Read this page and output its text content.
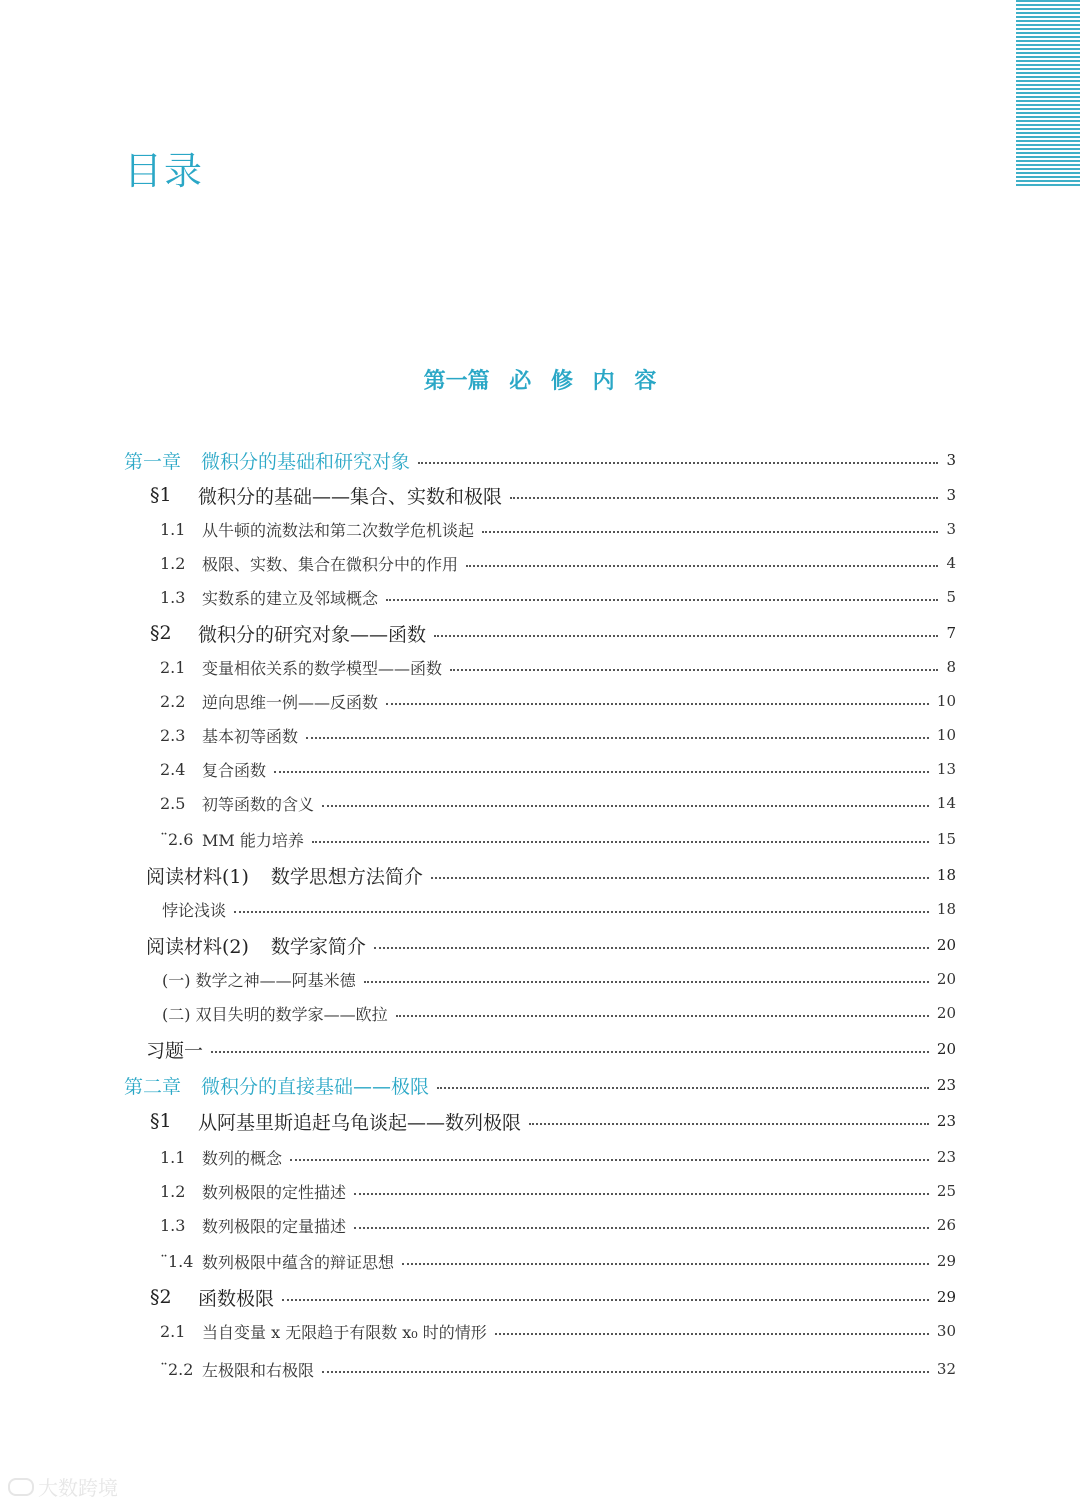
目录
第一篇 必 修 内 容
第一章 微积分的基础和研究对象	3
§1	微积分的基础——集合、实数和极限	3
1.1	从牛顿的流数法和第二次数学危机谈起	3
1.2	极限、实数、集合在微积分中的作用	4
1.3	实数系的建立及邻域概念	5
§2	微积分的研究对象——函数	7
2.1	变量相依关系的数学模型——函数	8
2.2	逆向思维一例——反函数	10
2.3	基本初等函数	10
2.4	复合函数	13
2.5	初等函数的含义	14
¨2.6 MM 能力培养	15
阅读材料(1) 数学思想方法简介	18
悖论浅谈	18
阅读材料(2) 数学家简介	20
(一) 数学之神——阿基米德	20
(二) 双目失明的数学家——欧拉	20
习题一	20
第二章 微积分的直接基础——极限	23
§1	从阿基里斯追赶乌龟谈起——数列极限	23
1.1	数列的概念	23
1.2	数列极限的定性描述	25
1.3	数列极限的定量描述	26
¨1.4 数列极限中蕴含的辩证思想	29
§2	函数极限	29
2.1	当自变量 x 无限趋于有限数 x₀ 时的情形	30
¨2.2 左极限和右极限	32
大数跨境
